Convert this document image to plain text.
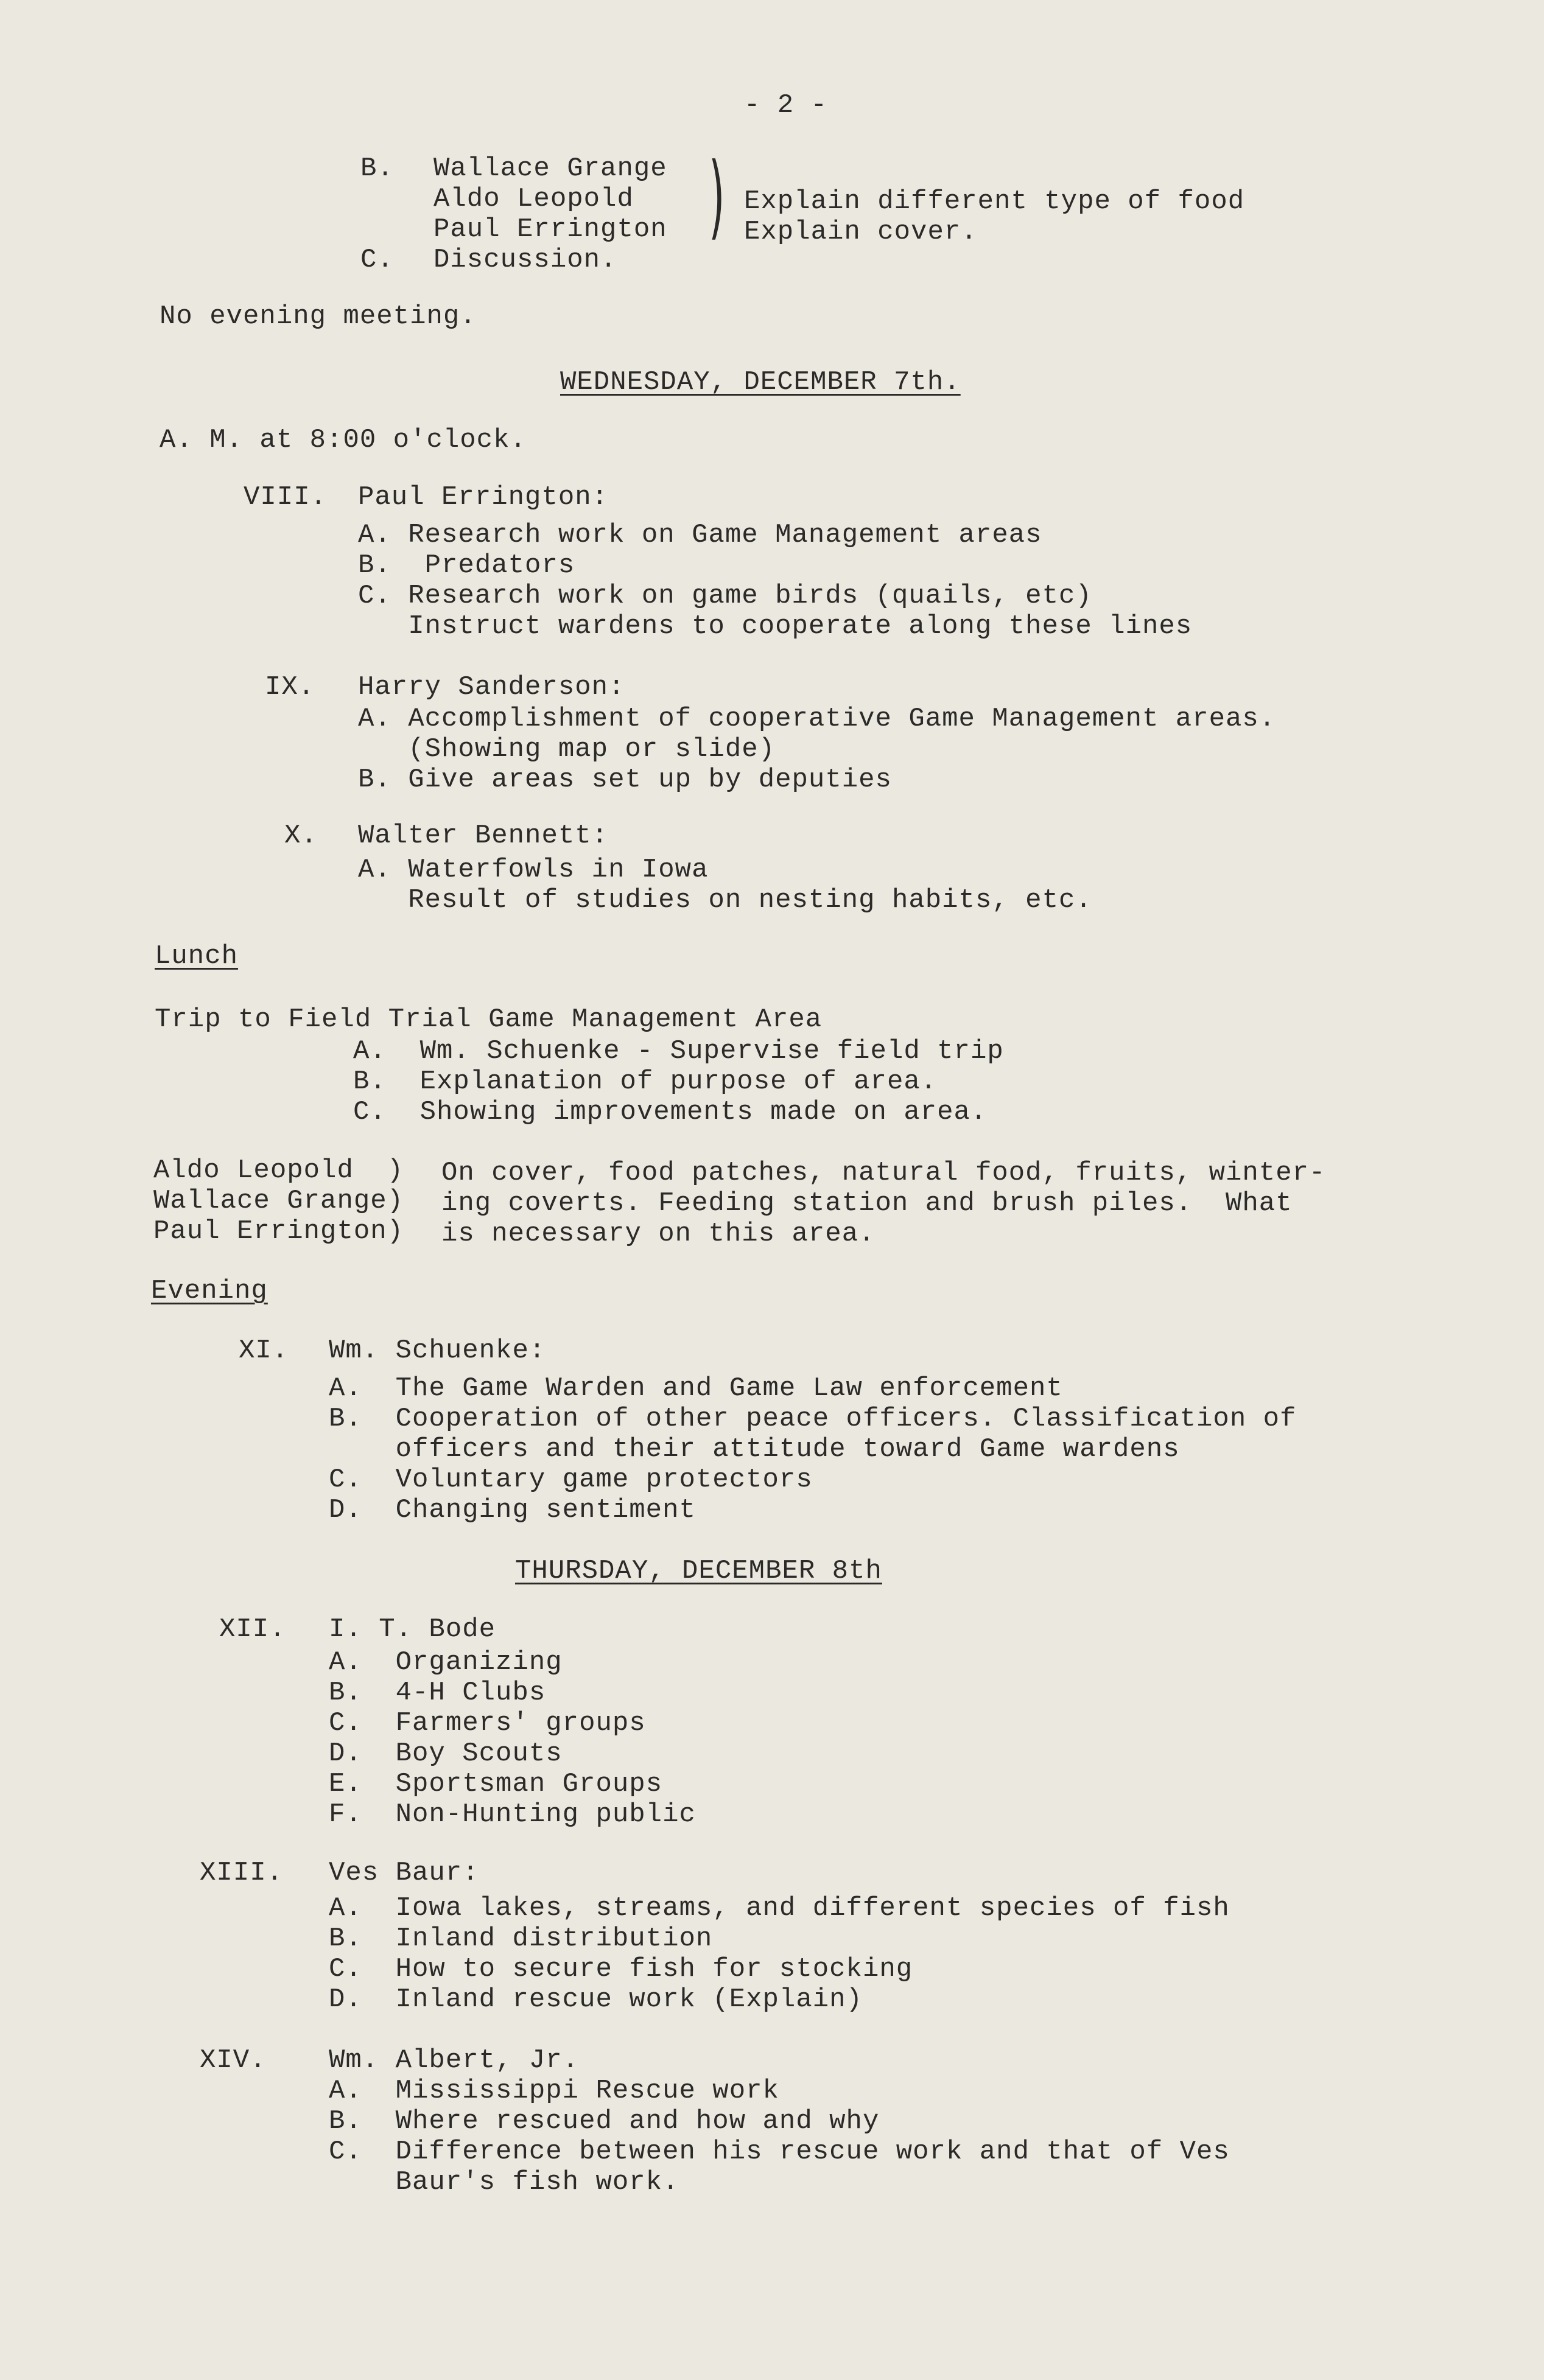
- 2 -
B. Wallace Grange
Aldo Leopold
Paul Errington ) Explain different type of food
Explain cover.
C. Discussion.
No evening meeting.
WEDNESDAY, DECEMBER 7th.
A. M. at 8:00 o'clock.
VIII. Paul Errington:
A. Research work on Game Management areas
B.  Predators
C. Research work on game birds (quails, etc)
Instruct wardens to cooperate along these lines
IX. Harry Sanderson:
A. Accomplishment of cooperative Game Management areas.
(Showing map or slide)
B. Give areas set up by deputies
X. Walter Bennett:
A. Waterfowls in Iowa
Result of studies on nesting habits, etc.
Lunch
Trip to Field Trial Game Management Area
A.  Wm. Schuenke - Supervise field trip
B.  Explanation of purpose of area.
C.  Showing improvements made on area.
Aldo Leopold  )
Wallace Grange)
Paul Errington)
On cover, food patches, natural food, fruits, winter-
ing coverts. Feeding station and brush piles.  What
is necessary on this area.
Evening
XI. Wm. Schuenke:
A.  The Game Warden and Game Law enforcement
B.  Cooperation of other peace officers. Classification of
officers and their attitude toward Game wardens
C.  Voluntary game protectors
D.  Changing sentiment
THURSDAY, DECEMBER 8th
XII. I. T. Bode
A.  Organizing
B.  4-H Clubs
C.  Farmers' groups
D.  Boy Scouts
E.  Sportsman Groups
F.  Non-Hunting public
XIII. Ves Baur:
A.  Iowa lakes, streams, and different species of fish
B.  Inland distribution
C.  How to secure fish for stocking
D.  Inland rescue work (Explain)
XIV. Wm. Albert, Jr.
A.  Mississippi Rescue work
B.  Where rescued and how and why
C.  Difference between his rescue work and that of Ves
Baur's fish work.
